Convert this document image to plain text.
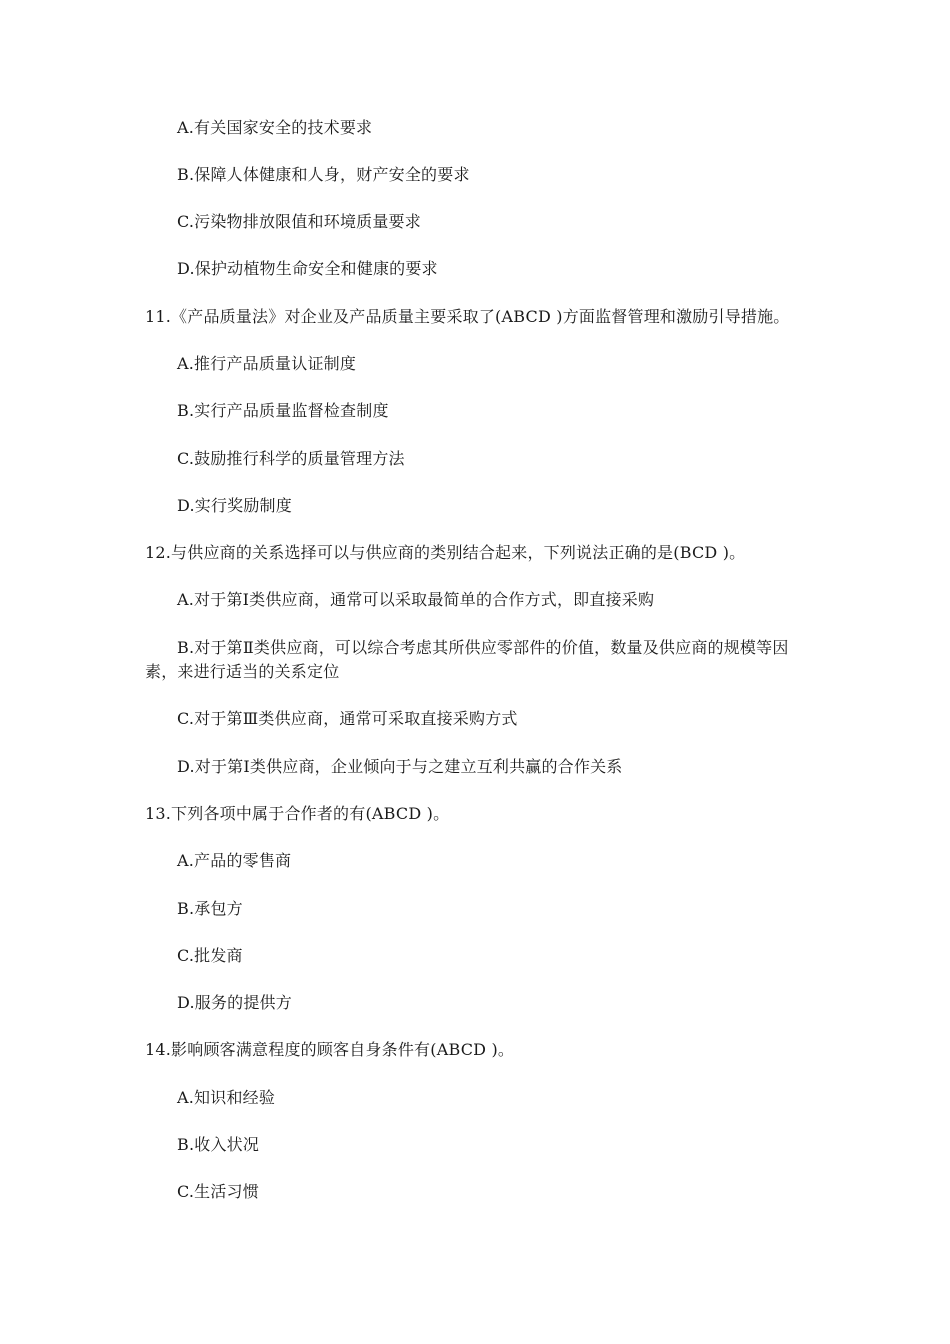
A.有关国家安全的技术要求
B.保障人体健康和人身，财产安全的要求
C.污染物排放限值和环境质量要求
D.保护动植物生命安全和健康的要求
11.《产品质量法》对企业及产品质量主要采取了(ABCD )方面监督管理和激励引导措施。
A.推行产品质量认证制度
B.实行产品质量监督检查制度
C.鼓励推行科学的质量管理方法
D.实行奖励制度
12.与供应商的关系选择可以与供应商的类别结合起来，下列说法正确的是(BCD )。
A.对于第Ⅰ类供应商，通常可以采取最简单的合作方式，即直接采购
B.对于第Ⅱ类供应商，可以综合考虑其所供应零部件的价值，数量及供应商的规模等因素，来进行适当的关系定位
C.对于第Ⅲ类供应商，通常可采取直接采购方式
D.对于第Ⅰ类供应商，企业倾向于与之建立互利共赢的合作关系
13.下列各项中属于合作者的有(ABCD )。
A.产品的零售商
B.承包方
C.批发商
D.服务的提供方
14.影响顾客满意程度的顾客自身条件有(ABCD )。
A.知识和经验
B.收入状况
C.生活习惯
